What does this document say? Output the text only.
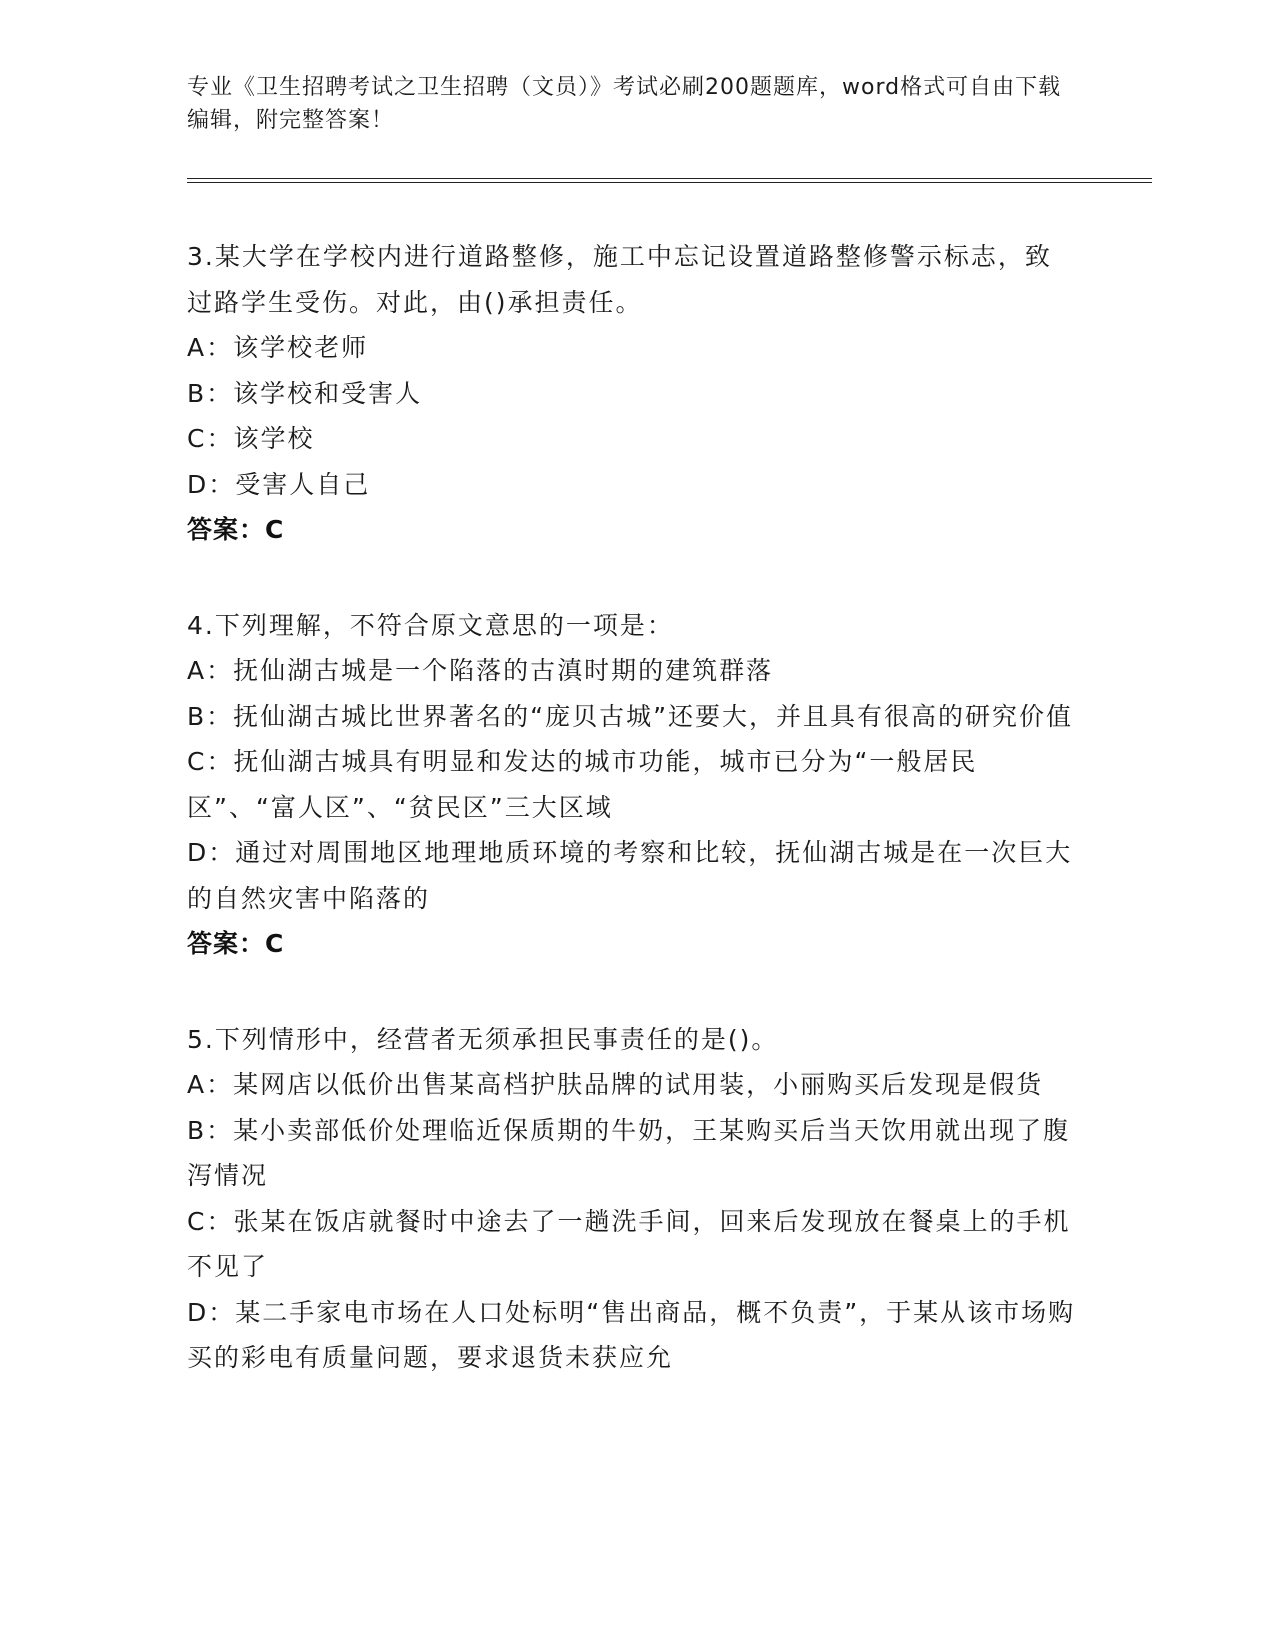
专业《卫生招聘考试之卫生招聘（文员）》考试必刷200题题库，word格式可自由下载编辑，附完整答案！

3.某大学在学校内进行道路整修，施工中忘记设置道路整修警示标志，致过路学生受伤。对此，由()承担责任。

A：该学校老师

B：该学校和受害人

C：该学校

D：受害人自己

答案：C

4.下列理解，不符合原文意思的一项是：

A：抚仙湖古城是一个陷落的古滇时期的建筑群落

B：抚仙湖古城比世界著名的“庞贝古城”还要大，并且具有很高的研究价值

C：抚仙湖古城具有明显和发达的城市功能，城市已分为“一般居民区”、“富人区”、“贫民区”三大区域

D：通过对周围地区地理地质环境的考察和比较，抚仙湖古城是在一次巨大的自然灾害中陷落的

答案：C

5.下列情形中，经营者无须承担民事责任的是()。

A：某网店以低价出售某高档护肤品牌的试用装，小丽购买后发现是假货

B：某小卖部低价处理临近保质期的牛奶，王某购买后当天饮用就出现了腹泻情况

C：张某在饭店就餐时中途去了一趟洗手间，回来后发现放在餐桌上的手机不见了

D：某二手家电市场在人口处标明“售出商品，概不负责”，于某从该市场购买的彩电有质量问题，要求退货未获应允
